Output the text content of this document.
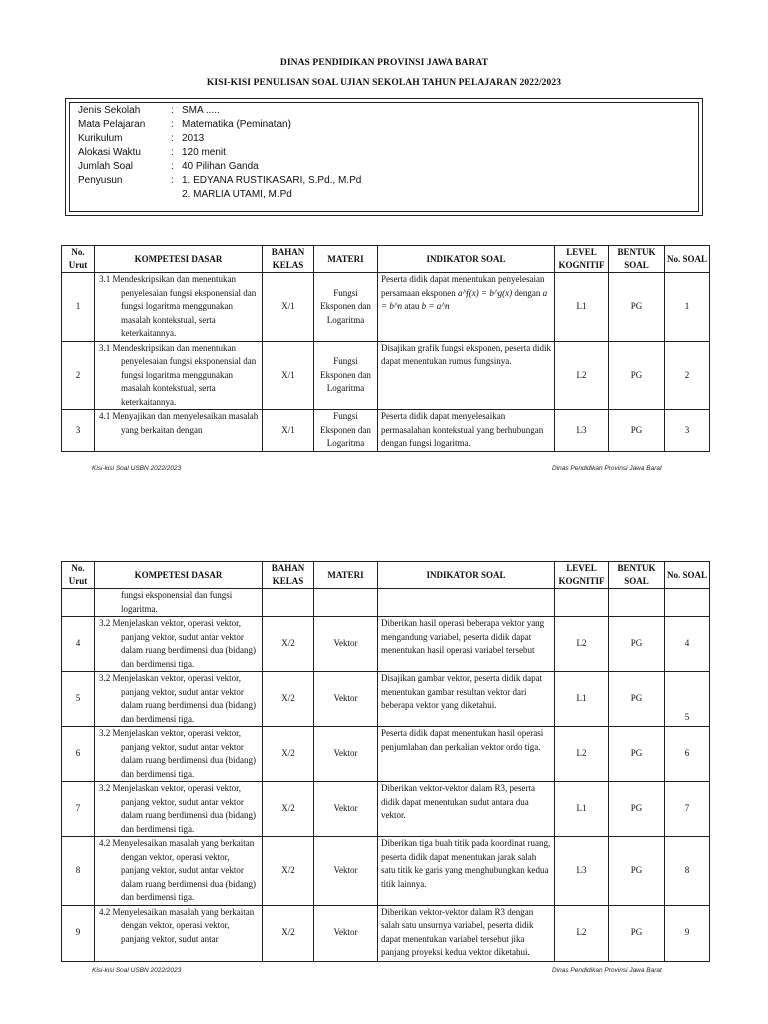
DINAS PENDIDIKAN PROVINSI JAWA BARAT
KISI-KISI PENULISAN SOAL UJIAN SEKOLAH TAHUN PELAJARAN 2022/2023
Jenis Sekolah	: SMA .....
Mata Pelajaran	: Matematika (Peminatan)
Kurikulum	: 2013
Alokasi Waktu	: 120 menit
Jumlah Soal	: 40 Pilihan Ganda
Penyusun	: 1. EDYANA RUSTIKASARI, S.Pd., M.Pd
2. MARLIA UTAMI, M.Pd
No. Urut	KOMPETESI DASAR	BAHAN KELAS	MATERI	INDIKATOR SOAL	LEVEL KOGNITIF	BENTUK SOAL	No. SOAL
1	3.1 Mendeskripsikan dan menentukan penyelesaian fungsi eksponensial dan fungsi logaritma menggunakan masalah kontekstual, serta keterkaitannya.	X/1	Fungsi Eksponen dan Logaritma	Peserta didik dapat menentukan penyelesaian persamaan eksponen a^f(x) = b^g(x) dengan a = b^n atau b = a^n	L1	PG	1
2	3.1 Mendeskripsikan dan menentukan penyelesaian fungsi eksponensial dan fungsi logaritma menggunakan masalah kontekstual, serta keterkaitannya.	X/1	Fungsi Eksponen dan Logaritma	Disajikan grafik fungsi eksponen, peserta didik dapat menentukan rumus fungsinya.	L2	PG	2
3	4.1 Menyajikan dan menyelesaikan masalah yang berkaitan dengan	X/1	Fungsi Eksponen dan Logaritma	Peserta didik dapat menyelesaikan permasalahan kontekstual yang berhubungan dengan fungsi logaritma.	L3	PG	3
Kisi-kisi Soal USBN 2022/2023	Dinas Pendidikan Provinsi Jawa Barat
No. Urut	KOMPETESI DASAR	BAHAN KELAS	MATERI	INDIKATOR SOAL	LEVEL KOGNITIF	BENTUK SOAL	No. SOAL

	fungsi eksponensial dan fungsi logaritma.						

4	3.2 Menjelaskan vektor, operasi vektor, panjang vektor, sudut antar vektor dalam ruang berdimensi dua (bidang) dan berdimensi tiga.	X/2	Vektor	Diberikan hasil operasi beberapa vektor yang mengandung variabel, peserta didik dapat menentukan hasil operasi variabel tersebut	L2	PG	4
5	3.2 Menjelaskan vektor, operasi vektor, panjang vektor, sudut antar vektor dalam ruang berdimensi dua (bidang) dan berdimensi tiga.	X/2	Vektor	Disajikan gambar vektor, peserta didik dapat menentukan gambar resultan vektor dari beberapa vektor yang diketahui.	L1	PG	5
6	3.2 Menjelaskan vektor, operasi vektor, panjang vektor, sudut antar vektor dalam ruang berdimensi dua (bidang) dan berdimensi tiga.	X/2	Vektor	Peserta didik dapat menentukan hasil operasi penjumlahan dan perkalian vektor ordo tiga.	L2	PG	6
7	3.2 Menjelaskan vektor, operasi vektor, panjang vektor, sudut antar vektor dalam ruang berdimensi dua (bidang) dan berdimensi tiga.	X/2	Vektor	Diberikan vektor-vektor dalam R3, peserta didik dapat menentukan sudut antara dua vektor.	L1	PG	7
8	4.2 Menyelesaikan masalah yang berkaitan dengan vektor, operasi vektor, panjang vektor, sudut antar vektor dalam ruang berdimensi dua (bidang) dan berdimensi tiga.	X/2	Vektor	Diberikan tiga buah titik pada koordinat ruang, peserta didik dapat menentukan jarak salah satu titik ke garis yang menghubungkan kedua titik lainnya.	L3	PG	8
9	4.2 Menyelesaikan masalah yang berkaitan dengan vektor, operasi vektor, panjang vektor, sudut antar	X/2	Vektor	Diberikan vektor-vektor dalam R3 dengan salah satu unsurnya variabel, peserta didik dapat menentukan variabel tersebut jika panjang proyeksi kedua vektor diketahui.	L2	PG	9
Kisi-kisi Soal USBN 2022/2023	Dinas Pendidikan Provinsi Jawa Barat
